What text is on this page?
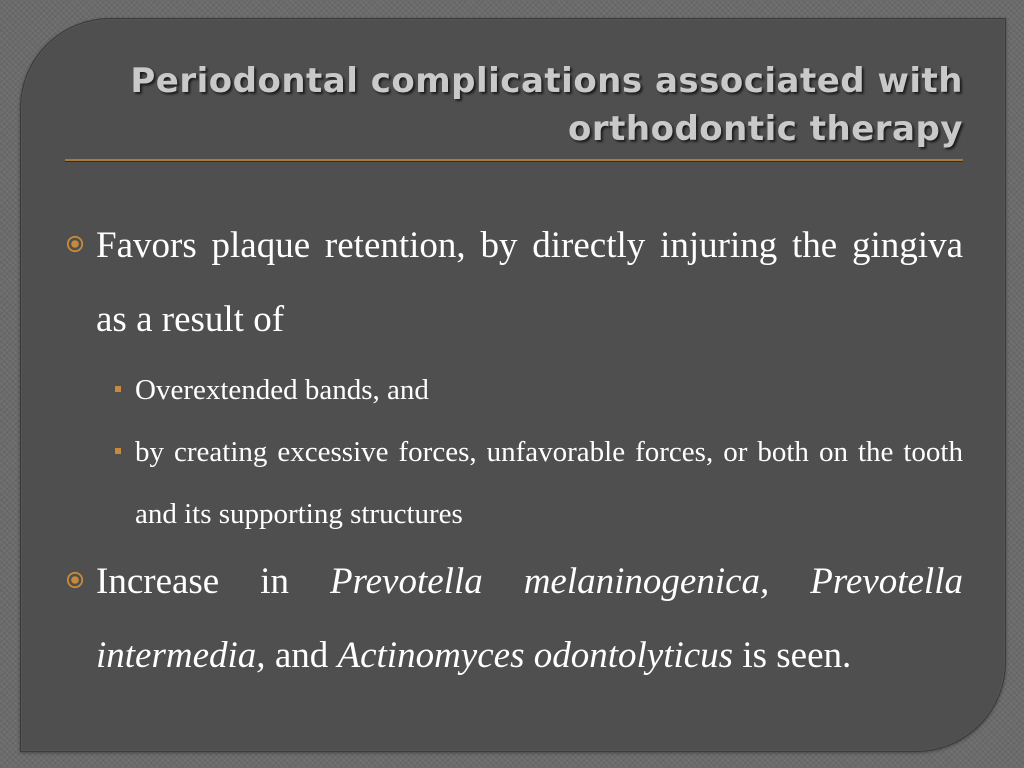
Periodontal complications associated with
orthodontic therapy

Favors plaque retention, by directly injuring the gingiva as a result of

Overextended bands, and

by creating excessive forces, unfavorable forces, or both on the tooth and its supporting structures

Increase in Prevotella melaninogenica, Prevotella intermedia, and Actinomyces odontolyticus is seen.
